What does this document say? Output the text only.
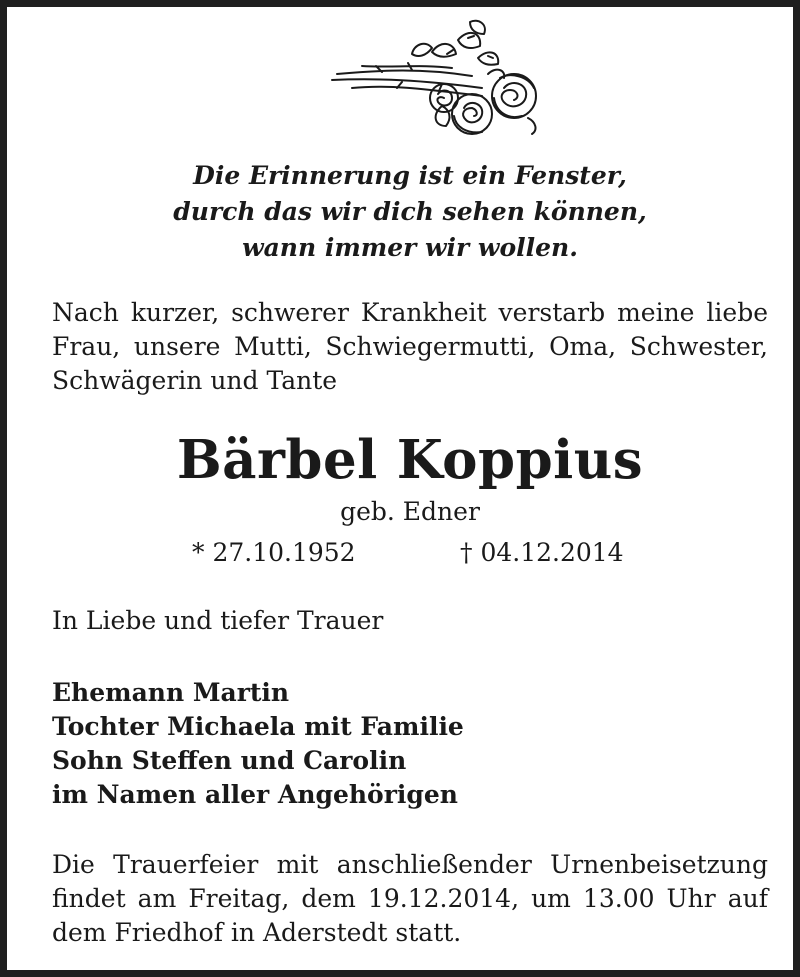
Die Erinnerung ist ein Fenster,
durch das wir dich sehen können,
wann immer wir wollen.
Nach kurzer, schwerer Krankheit verstarb meine liebe Frau, unsere Mutti, Schwiegermutti, Oma, Schwester, Schwägerin und Tante
Bärbel Koppius
geb. Edner
* 27.10.1952	† 04.12.2014
In Liebe und tiefer Trauer
Ehemann Martin
Tochter Michaela mit Familie
Sohn Steffen und Carolin
im Namen aller Angehörigen
Die Trauerfeier mit anschließender Urnenbeisetzung findet am Freitag, dem 19.12.2014, um 13.00 Uhr auf dem Friedhof in Aderstedt statt.
